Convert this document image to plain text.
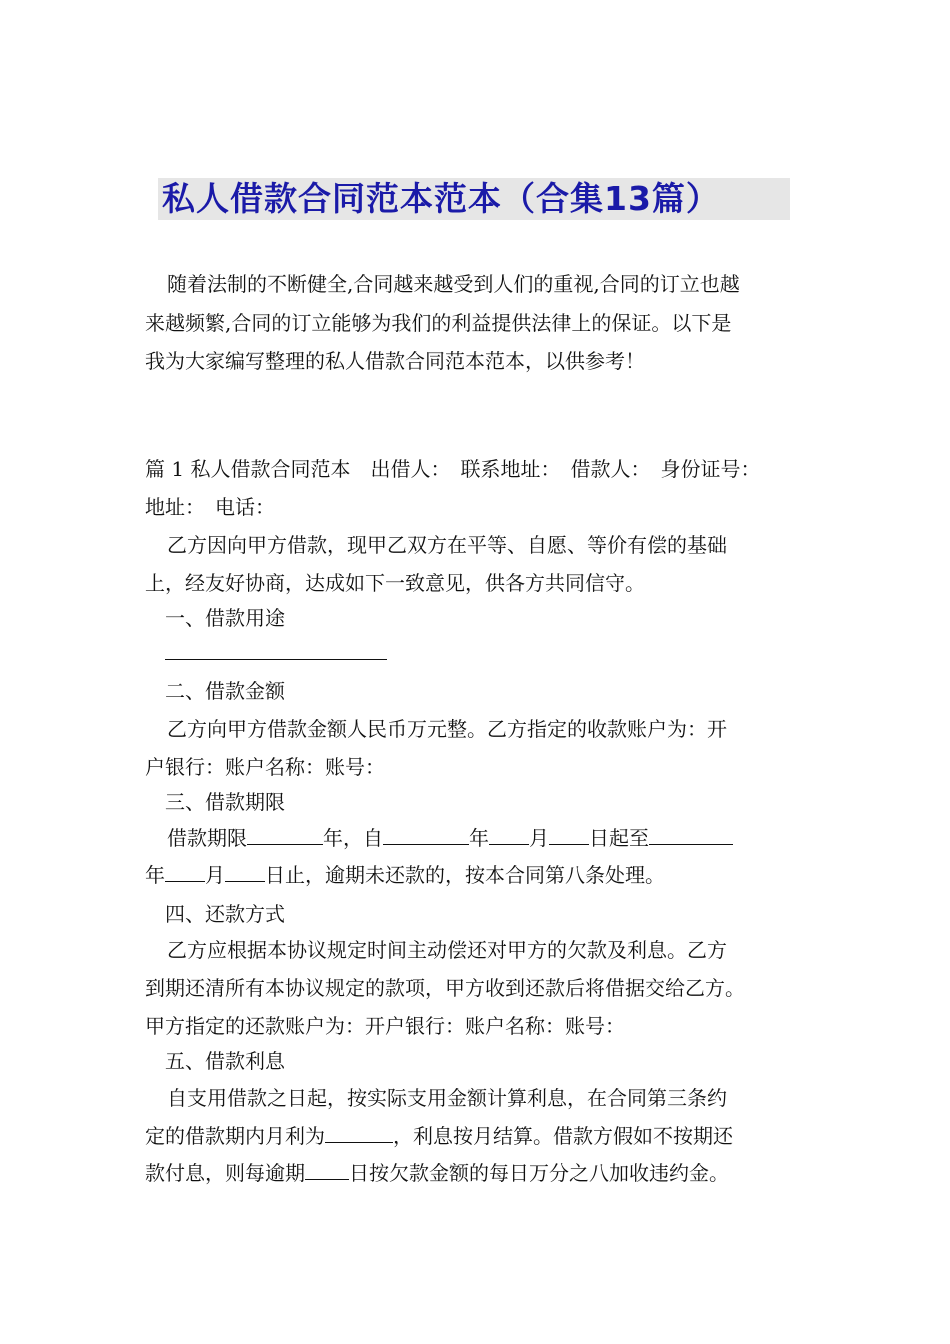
私人借款合同范本范本（合集13篇）

随着法制的不断健全,合同越来越受到人们的重视,合同的订立也越

来越频繁,合同的订立能够为我们的利益提供法律上的保证。以下是

我为大家编写整理的私人借款合同范本范本，以供参考！

篇 1 私人借款合同范本　出借人：　联系地址：　借款人：　身份证号：

地址：　电话：

乙方因向甲方借款，现甲乙双方在平等、自愿、等价有偿的基础

上，经友好协商，达成如下一致意见，供各方共同信守。

一、借款用途

二、借款金额

乙方向甲方借款金额人民币万元整。乙方指定的收款账户为：开

户银行：账户名称：账号：

三、借款期限

借款期限	年，自	年 月 日起至

年 月 日止，逾期未还款的，按本合同第八条处理。

四、还款方式

乙方应根据本协议规定时间主动偿还对甲方的欠款及利息。乙方

到期还清所有本协议规定的款项，甲方收到还款后将借据交给乙方。

甲方指定的还款账户为：开户银行：账户名称：账号：

五、借款利息

自支用借款之日起，按实际支用金额计算利息，在合同第三条约

定的借款期内月利为	，利息按月结算。借款方假如不按期还

款付息，则每逾期 日按欠款金额的每日万分之八加收违约金。
